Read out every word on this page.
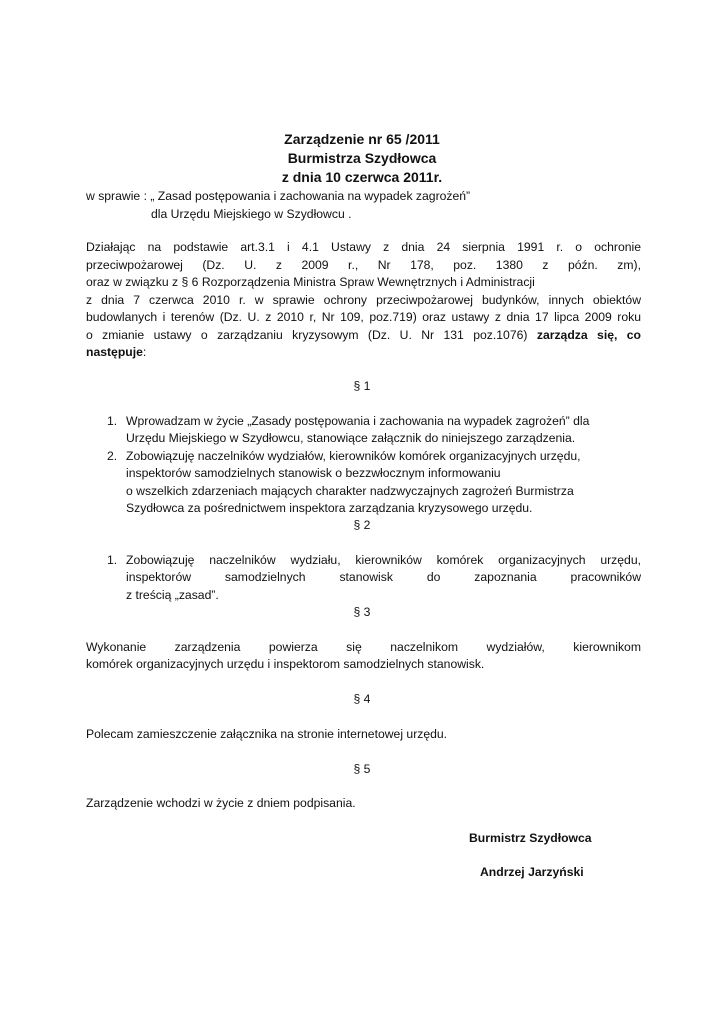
Zarządzenie nr 65 /2011
Burmistrza Szydłowca
z dnia 10 czerwca 2011r.
w sprawie : „ Zasad postępowania i zachowania na wypadek zagrożeń”
dla Urzędu Miejskiego w Szydłowcu .
Działając na podstawie art.3.1 i 4.1 Ustawy z dnia 24 sierpnia 1991 r. o ochronie
przeciwpożarowej (Dz. U. z 2009 r., Nr 178, poz. 1380 z późn. zm),
oraz w związku z § 6 Rozporządzenia Ministra Spraw Wewnętrznych i Administracji
z dnia 7 czerwca 2010 r. w sprawie ochrony przeciwpożarowej budynków, innych obiektów
budowlanych i terenów (Dz. U. z 2010 r, Nr 109, poz.719) oraz ustawy z dnia 17 lipca 2009 roku
o zmianie ustawy o zarządzaniu kryzysowym (Dz. U. Nr 131 poz.1076) zarządza się, co
następuje:
§ 1
1. Wprowadzam w życie „Zasady postępowania i zachowania na wypadek zagrożeń” dla
Urzędu Miejskiego w Szydłowcu, stanowiące załącznik do niniejszego zarządzenia.
2. Zobowiązuję naczelników wydziałów, kierowników komórek organizacyjnych urzędu,
inspektorów samodzielnych stanowisk o bezzwłocznym informowaniu
o wszelkich zdarzeniach mających charakter nadzwyczajnych zagrożeń Burmistrza
Szydłowca za pośrednictwem inspektora zarządzania kryzysowego urzędu.
§ 2
1. Zobowiązuję naczelników wydziału, kierowników komórek organizacyjnych urzędu,
inspektorów samodzielnych stanowisk do zapoznania pracowników
z treścią „zasad”.
§ 3
Wykonanie zarządzenia powierza się naczelnikom wydziałów, kierownikom
komórek organizacyjnych urzędu i inspektorom samodzielnych stanowisk.
§ 4
Polecam zamieszczenie załącznika na stronie internetowej urzędu.
§ 5
Zarządzenie wchodzi w życie z dniem podpisania.
Burmistrz Szydłowca
Andrzej Jarzyński
